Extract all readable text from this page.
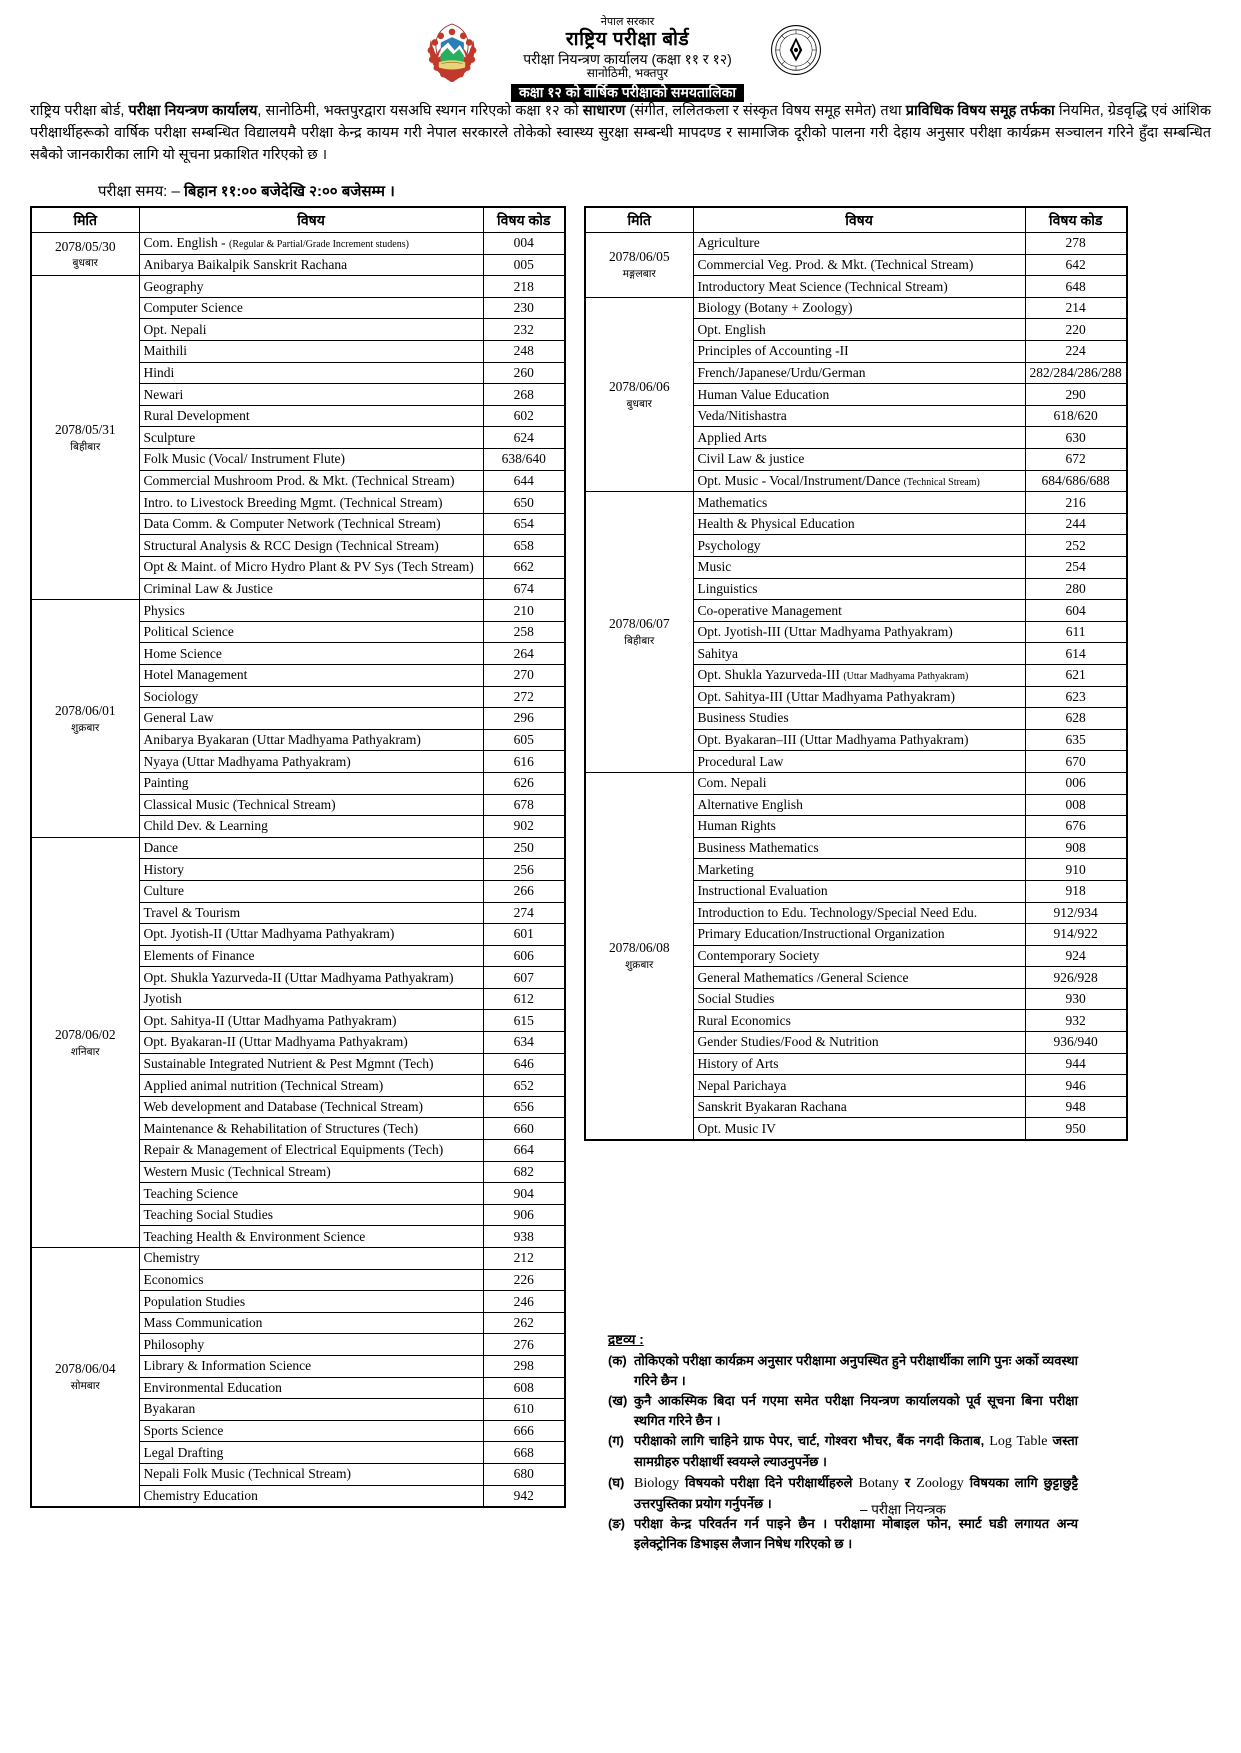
नेपाल सरकार
राष्ट्रिय परीक्षा बोर्ड
परीक्षा नियन्त्रण कार्यालय (कक्षा ११ र १२)
सानोठिमी, भक्तपुर
कक्षा १२ को वार्षिक परीक्षाको समयतालिका

राष्ट्रिय परीक्षा बोर्ड, परीक्षा नियन्त्रण कार्यालय, सानोठिमी, भक्तपुरद्वारा यसअघि स्थगन गरिएको कक्षा १२ को साधारण (संगीत, ललितकला र संस्कृत विषय समूह समेत) तथा प्राविधिक विषय समूह तर्फका नियमित, ग्रेडवृद्धि एवं आंशिक परीक्षार्थीहरूको वार्षिक परीक्षा सम्बन्धित विद्यालयमै परीक्षा केन्द्र कायम गरी नेपाल सरकारले तोकेको स्वास्थ्य सुरक्षा सम्बन्धी मापदण्ड र सामाजिक दूरीको पालना गरी देहाय अनुसार परीक्षा कार्यक्रम सञ्चालन गरिने हुँदा सम्बन्धित सबैको जानकारीका लागि यो सूचना प्रकाशित गरिएको छ ।

परीक्षा समय: – बिहान ११:०० बजेदेखि २:०० बजेसम्म ।
मिति	विषय	विषय कोड

2078/05/30
बुधबार	Com. English - (Regular & Partial/Grade Increment studens)	004
	Anibarya Baikalpik Sanskrit Rachana	005

2078/05/31
बिहीबार	Geography	218
	Computer Science	230
	Opt. Nepali	232
	Maithili	248
	Hindi	260
	Newari	268
	Rural Development	602
	Sculpture	624
	Folk Music (Vocal/ Instrument Flute)	638/640
	Commercial Mushroom Prod. & Mkt. (Technical Stream)	644
	Intro. to Livestock Breeding Mgmt. (Technical Stream)	650
	Data Comm. & Computer Network (Technical Stream)	654
	Structural Analysis & RCC Design (Technical Stream)	658
	Opt & Maint. of Micro Hydro Plant & PV Sys (Tech Stream)	662
	Criminal Law & Justice	674

2078/06/01
शुक्रबार	Physics	210
	Political Science	258
	Home Science	264
	Hotel Management	270
	Sociology	272
	General Law	296
	Anibarya Byakaran (Uttar Madhyama Pathyakram)	605
	Nyaya (Uttar Madhyama Pathyakram)	616
	Painting	626
	Classical Music (Technical Stream)	678
	Child Dev. & Learning	902

2078/06/02
शनिबार	Dance	250
	History	256
	Culture	266
	Travel & Tourism	274
	Opt. Jyotish-II (Uttar Madhyama Pathyakram)	601
	Elements of Finance	606
	Opt. Shukla Yazurveda-II (Uttar Madhyama Pathyakram)	607
	Jyotish	612
	Opt. Sahitya-II (Uttar Madhyama Pathyakram)	615
	Opt. Byakaran-II (Uttar Madhyama Pathyakram)	634
	Sustainable Integrated Nutrient & Pest Mgmnt (Tech)	646
	Applied animal nutrition (Technical Stream)	652
	Web development and Database (Technical Stream)	656
	Maintenance & Rehabilitation of Structures (Tech)	660
	Repair & Management of Electrical Equipments (Tech)	664
	Western Music (Technical Stream)	682
	Teaching Science	904
	Teaching Social Studies	906
	Teaching Health & Environment Science	938

2078/06/04
सोमबार	Chemistry	212
	Economics	226
	Population Studies	246
	Mass Communication	262
	Philosophy	276
	Library & Information Science	298
	Environmental Education	608
	Byakaran	610
	Sports Science	666
	Legal Drafting	668
	Nepali Folk Music (Technical Stream)	680
	Chemistry Education	942
मिति	विषय	विषय कोड

2078/06/05
मङ्गलबार	Agriculture	278
	Commercial Veg. Prod. & Mkt. (Technical Stream)	642
	Introductory Meat Science (Technical Stream)	648

2078/06/06
बुधबार	Biology (Botany + Zoology)	214
	Opt. English	220
	Principles of Accounting -II	224
	French/Japanese/Urdu/German	282/284/286/288
	Human Value Education	290
	Veda/Nitishastra	618/620
	Applied Arts	630
	Civil Law & justice	672
	Opt. Music - Vocal/Instrument/Dance (Technical Stream)	684/686/688

2078/06/07
बिहीबार	Mathematics	216
	Health & Physical Education	244
	Psychology	252
	Music	254
	Linguistics	280
	Co-operative Management	604
	Opt. Jyotish-III (Uttar Madhyama Pathyakram)	611
	Sahitya	614
	Opt. Shukla Yazurveda-III (Uttar Madhyama Pathyakram)	621
	Opt. Sahitya-III (Uttar Madhyama Pathyakram)	623
	Business Studies	628
	Opt. Byakaran–III (Uttar Madhyama Pathyakram)	635
	Procedural Law	670

2078/06/08
शुक्रबार	Com. Nepali	006
	Alternative English	008
	Human Rights	676
	Business Mathematics	908
	Marketing	910
	Instructional Evaluation	918
	Introduction to Edu. Technology/Special Need Edu.	912/934
	Primary Education/Instructional Organization	914/922
	Contemporary Society	924
	General Mathematics /General Science	926/928
	Social Studies	930
	Rural Economics	932
	Gender Studies/Food & Nutrition	936/940
	History of Arts	944
	Nepal Parichaya	946
	Sanskrit Byakaran Rachana	948
	Opt. Music IV	950
द्रष्टव्य :
(क) तोकिएको परीक्षा कार्यक्रम अनुसार परीक्षामा अनुपस्थित हुने परीक्षार्थीका लागि पुनः अर्को व्यवस्था गरिने छैन ।
(ख) कुनै आकस्मिक बिदा पर्न गएमा समेत परीक्षा नियन्त्रण कार्यालयको पूर्व सूचना बिना परीक्षा स्थगित गरिने छैन ।
(ग) परीक्षाको लागि चाहिने ग्राफ पेपर, चार्ट, गोश्वरा भौचर, बैंक नगदी किताब, Log Table जस्ता सामग्रीहरु परीक्षार्थी स्वयम्ले ल्याउनुपर्नेछ ।
(घ) Biology विषयको परीक्षा दिने परीक्षार्थीहरुले Botany र Zoology विषयका लागि छुट्टाछुट्टै उत्तरपुस्तिका प्रयोग गर्नुपर्नेछ ।
(ङ) परीक्षा केन्द्र परिवर्तन गर्न पाइने छैन । परीक्षामा मोबाइल फोन, स्मार्ट घडी लगायत अन्य इलेक्ट्रोनिक डिभाइस लैजान निषेध गरिएको छ ।
– परीक्षा नियन्त्रक
